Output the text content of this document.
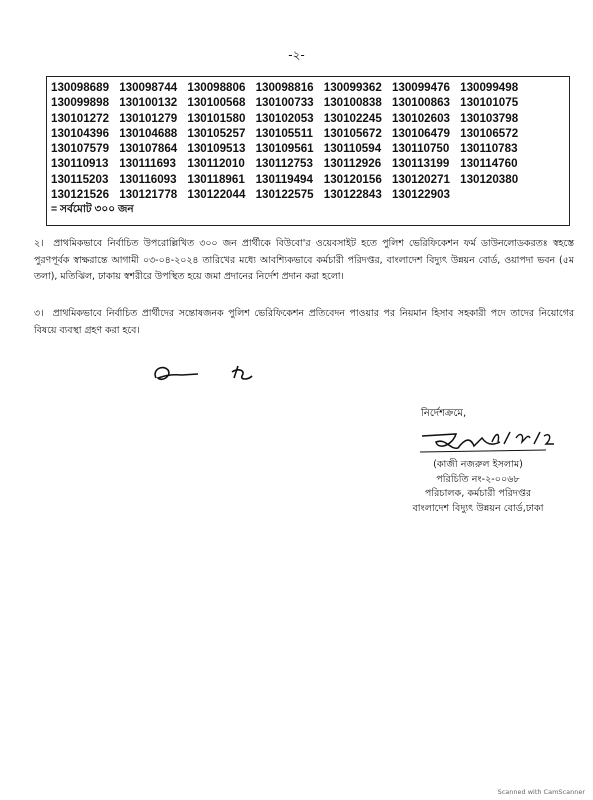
-২-
130098689 130098744 130098806 130098816 130099362 130099476 130099498
130099898 130100132 130100568 130100733 130100838 130100863 130101075
130101272 130101279 130101580 130102053 130102245 130102603 130103798
130104396 130104688 130105257 130105511 130105672 130106479 130106572
130107579 130107864 130109513 130109561 130110594 130110750 130110783
130110913 130111693 130112010 130112753 130112926 130113199 130114760
130115203 130116093 130118961 130119494 130120156 130120271 130120380
130121526 130121778 130122044 130122575 130122843 130122903
= সর্বমোট ৩০০ জন
২। প্রাথমিকভাবে নির্বাচিত উপরোল্লিখিত ৩০০ জন প্রার্থীকে বিউবো'র ওয়েবসাইট হতে পুলিশ ভেরিফিকেশন ফর্ম ডাউনলোডকরতঃ স্বহস্তে পুরণপূর্বক স্বাক্ষরান্তে আগামী ০৩-০৪-২০২৪ তারিখের মধ্যে আবশ্যিকভাবে কর্মচারী পরিদপ্তর, বাংলাদেশ বিদ্যুৎ উন্নয়ন বোর্ড, ওয়াপদা ভবন (৫ম তলা), মতিঝিল, ঢাকায় স্বশরীরে উপস্থিত হয়ে জমা প্রদানের নির্দেশ প্রদান করা হলো।
৩। প্রাথমিকভাবে নির্বাচিত প্রার্থীদের সন্তোষজনক পুলিশ ভেরিফিকেশন প্রতিবেদন পাওয়ার পর নিয়মান হিসাব সহকারী পদে তাদের নিয়োগের বিষয়ে ব্যবস্থা গ্রহণ করা হবে।
নির্দেশক্রমে,
(কাজী নজরুল ইসলাম)
পরিচিতি নং-২-০০৬৮
পরিচালক, কর্মচারী পরিদপ্তর
বাংলাদেশ বিদ্যুৎ উন্নয়ন বোর্ড,ঢাকা
Scanned with CamScanner
